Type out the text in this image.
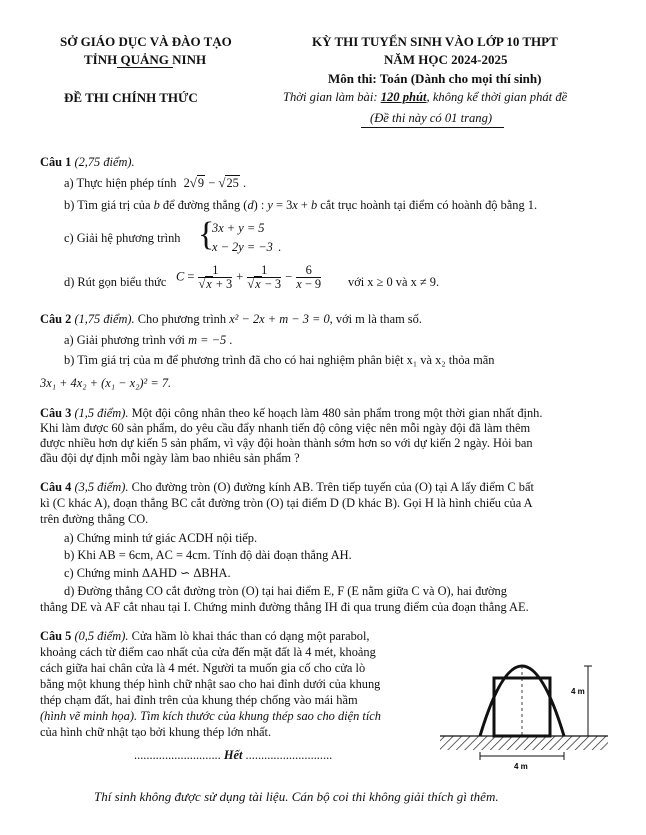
SỞ GIÁO DỤC VÀ ĐÀO TẠO
TỈNH QUẢNG NINH
ĐỀ THI CHÍNH THỨC
KỲ THI TUYỂN SINH VÀO LỚP 10 THPT
NĂM HỌC 2024-2025
Môn thi: Toán (Dành cho mọi thí sinh)
Thời gian làm bài: 120 phút, không kể thời gian phát đề
(Đề thi này có 01 trang)
Câu 1 (2,75 điểm).
a) Thực hiện phép tính 2√9 − √25 .
b) Tìm giá trị của b để đường thẳng (d) : y = 3x + b cắt trục hoành tại điểm có hoành độ bằng 1.
c) Giải hệ phương trình {
3x + y = 5
x − 2y = −3 .
d) Rút gọn biểu thức $C = \frac{1}{√x + 3} + \frac{1}{√x - 3} - \frac{6}{x - 9}$ với x ≥ 0 và x ≠ 9.
Câu 2 (1,75 điểm). Cho phương trình x² − 2x + m − 3 = 0, với m là tham số.
a) Giải phương trình với m = −5 .
b) Tìm giá trị của m để phương trình đã cho có hai nghiệm phân biệt x₁ và x₂ thỏa mãn
3x₁ + 4x₂ + (x₁ − x₂)² = 7.
Câu 3 (1,5 điểm). Một đội công nhân theo kế hoạch làm 480 sản phẩm trong một thời gian nhất định.
Khi làm được 60 sản phẩm, do yêu cầu đẩy nhanh tiến độ công việc nên mỗi ngày đội đã làm thêm
được nhiều hơn dự kiến 5 sản phẩm, vì vậy đội hoàn thành sớm hơn so với dự kiến 2 ngày. Hỏi ban
đầu đội dự định mỗi ngày làm bao nhiêu sản phẩm ?
Câu 4 (3,5 điểm). Cho đường tròn (O) đường kính AB. Trên tiếp tuyến của (O) tại A lấy điểm C bất
kì (C khác A), đoạn thẳng BC cắt đường tròn (O) tại điểm D (D khác B). Gọi H là hình chiếu của A
trên đường thẳng CO.
a) Chứng minh tứ giác ACDH nội tiếp.
b) Khi AB = 6cm, AC = 4cm. Tính độ dài đoạn thẳng AH.
c) Chứng minh ΔAHD ∽ ΔBHA.
d) Đường thẳng CO cắt đường tròn (O) tại hai điểm E, F (E nằm giữa C và O), hai đường
thẳng DE và AF cắt nhau tại I. Chứng minh đường thẳng IH đi qua trung điểm của đoạn thẳng AE.
Câu 5 (0,5 điểm). Cửa hầm lò khai thác than có dạng một parabol,
khoảng cách từ điểm cao nhất của cửa đến mặt đất là 4 mét, khoảng
cách giữa hai chân cửa là 4 mét. Người ta muốn gia cố cho cửa lò
bằng một khung thép hình chữ nhật sao cho hai đỉnh dưới của khung
thép chạm đất, hai đỉnh trên của khung thép chống vào mái hầm
(hình vẽ minh họa). Tìm kích thước của khung thép sao cho diện tích
của hình chữ nhật tạo bởi khung thép lớn nhất.
4 m
4 m
............................ Hết ............................
Thí sinh không được sử dụng tài liệu. Cán bộ coi thi không giải thích gì thêm.
